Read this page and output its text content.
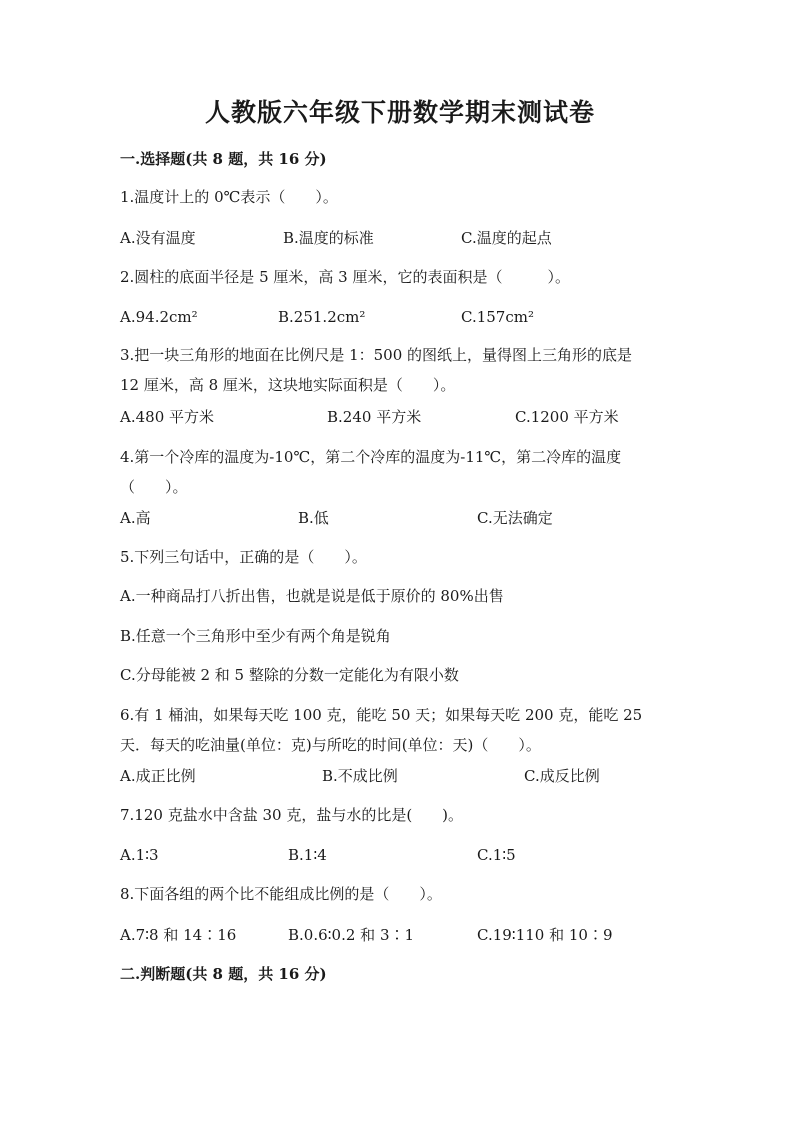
人教版六年级下册数学期末测试卷
一.选择题(共 8 题，共 16 分)
1.温度计上的 0℃表示（　　）。
A.没有温度	B.温度的标准	C.温度的起点
2.圆柱的底面半径是 5 厘米，高 3 厘米，它的表面积是（　　　）。
A.94.2cm²	B.251.2cm²	C.157cm²
3.把一块三角形的地面在比例尺是 1：500 的图纸上，量得图上三角形的底是
12 厘米，高 8 厘米，这块地实际面积是（　　）。
A.480 平方米	B.240 平方米	C.1200 平方米
4.第一个冷库的温度为-10℃，第二个冷库的温度为-11℃，第二冷库的温度
（　　）。
A.高	B.低	C.无法确定
5.下列三句话中，正确的是（　　）。
A.一种商品打八折出售，也就是说是低于原价的 80%出售
B.任意一个三角形中至少有两个角是锐角
C.分母能被 2 和 5 整除的分数一定能化为有限小数
6.有 1 桶油，如果每天吃 100 克，能吃 50 天；如果每天吃 200 克，能吃 25
天．每天的吃油量(单位：克)与所吃的时间(单位：天)（　　）。
A.成正比例	B.不成比例	C.成反比例
7.120 克盐水中含盐 30 克，盐与水的比是(　　)。
A.1∶3	B.1∶4	C.1∶5
8.下面各组的两个比不能组成比例的是（　　）。
A.7∶8 和 14∶16	B.0.6∶0.2 和 3∶1	C.19∶110 和 10∶9
二.判断题(共 8 题，共 16 分)
